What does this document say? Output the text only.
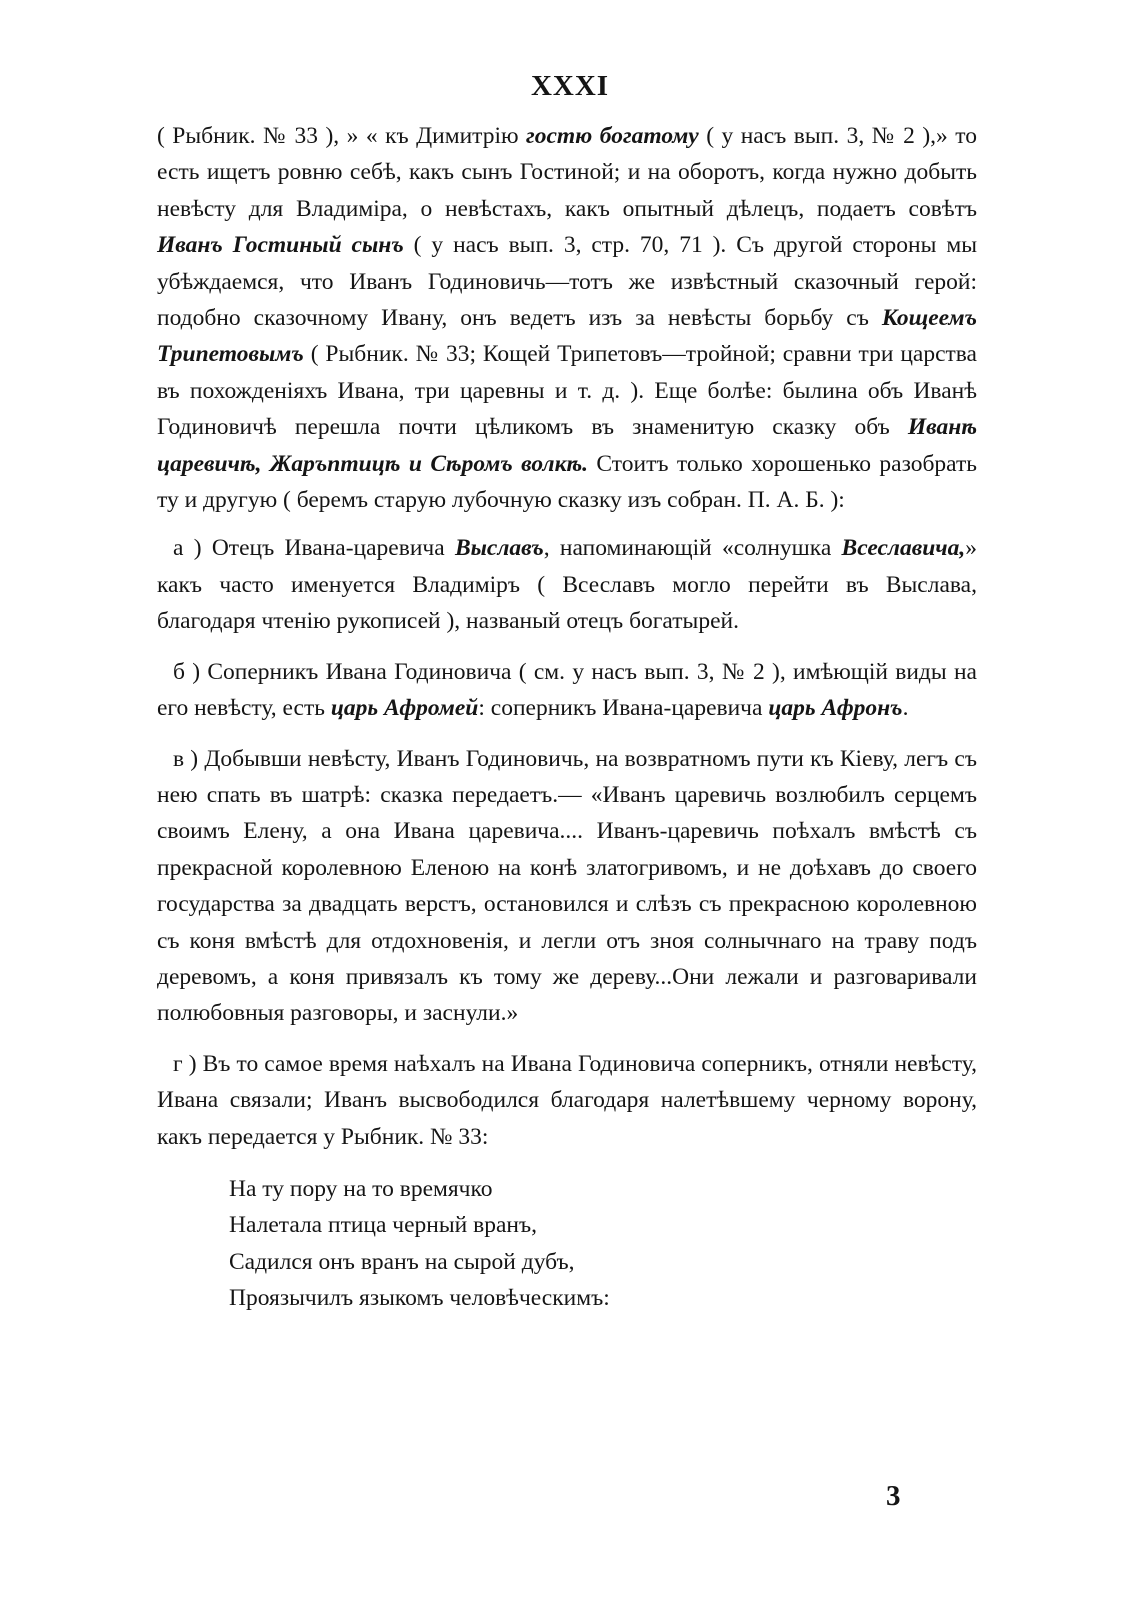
XXXI

( Рыбник. № 33 ), » « къ Димитрію гостю богатому ( у насъ вып. 3, № 2 ),» то есть ищетъ ровню себѣ, какъ сынъ Гостиной; и на оборотъ, когда нужно добыть невѣсту для Владиміра, о невѣстахъ, какъ опытный дѣлецъ, подаетъ совѣтъ Иванъ Гостиный сынъ ( у насъ вып. 3, стр. 70, 71 ). Съ другой стороны мы убѣждаемся, что Иванъ Годиновичь—тотъ же извѣстный сказочный герой: подобно сказочному Ивану, онъ ведетъ изъ за невѣсты борьбу съ Кощеемъ Трипетовымъ ( Рыбник. № 33; Кощей Трипетовъ—тройной; сравни три царства въ похожденіяхъ Ивана, три царевны и т. д. ). Еще болѣе: былина объ Иванѣ Годиновичѣ перешла почти цѣликомъ въ знаменитую сказку объ Иванѣ царевичѣ, Жаръптицѣ и Сѣромъ волкѣ. Стоитъ только хорошенько разобрать ту и другую ( беремъ старую лубочную сказку изъ собран. П. А. Б. ):

а ) Отецъ Ивана-царевича Выславъ, напоминающій «солнушка Всеславича,» какъ часто именуется Владиміръ ( Всеславъ могло перейти въ Выслава, благодаря чтенію рукописей ), названый отецъ богатырей.

б ) Соперникъ Ивана Годиновича ( см. у насъ вып. 3, № 2 ), имѣющій виды на его невѣсту, есть царь Афромей: соперникъ Ивана-царевича царь Афронъ.

в ) Добывши невѣсту, Иванъ Годиновичь, на возвратномъ пути къ Кіеву, легъ съ нею спать въ шатрѣ: сказка передаетъ.— «Иванъ царевичь возлюбилъ серцемъ своимъ Елену, а она Ивана царевича.... Иванъ-царевичь поѣхалъ вмѣстѣ съ прекрасной королевною Еленою на конѣ златогривомъ, и не доѣхавъ до своего государства за двадцать верстъ, остановился и слѣзъ съ прекрасною королевною съ коня вмѣстѣ для отдохновенія, и легли отъ зноя солнычнаго на траву подъ деревомъ, а коня привязалъ къ тому же дереву...Они лежали и разговаривали полюбовныя разговоры, и заснули.»

г ) Въ то самое время наѣхалъ на Ивана Годиновича соперникъ, отняли невѣсту, Ивана связали; Иванъ высвободился благодаря налетѣвшему черному ворону, какъ передается у Рыбник. № 33:

На ту пору на то времячко
Налетала птица черный вранъ,
Садился онъ вранъ на сырой дубъ,
Проязычилъ языкомъ человѣческимъ:
3
